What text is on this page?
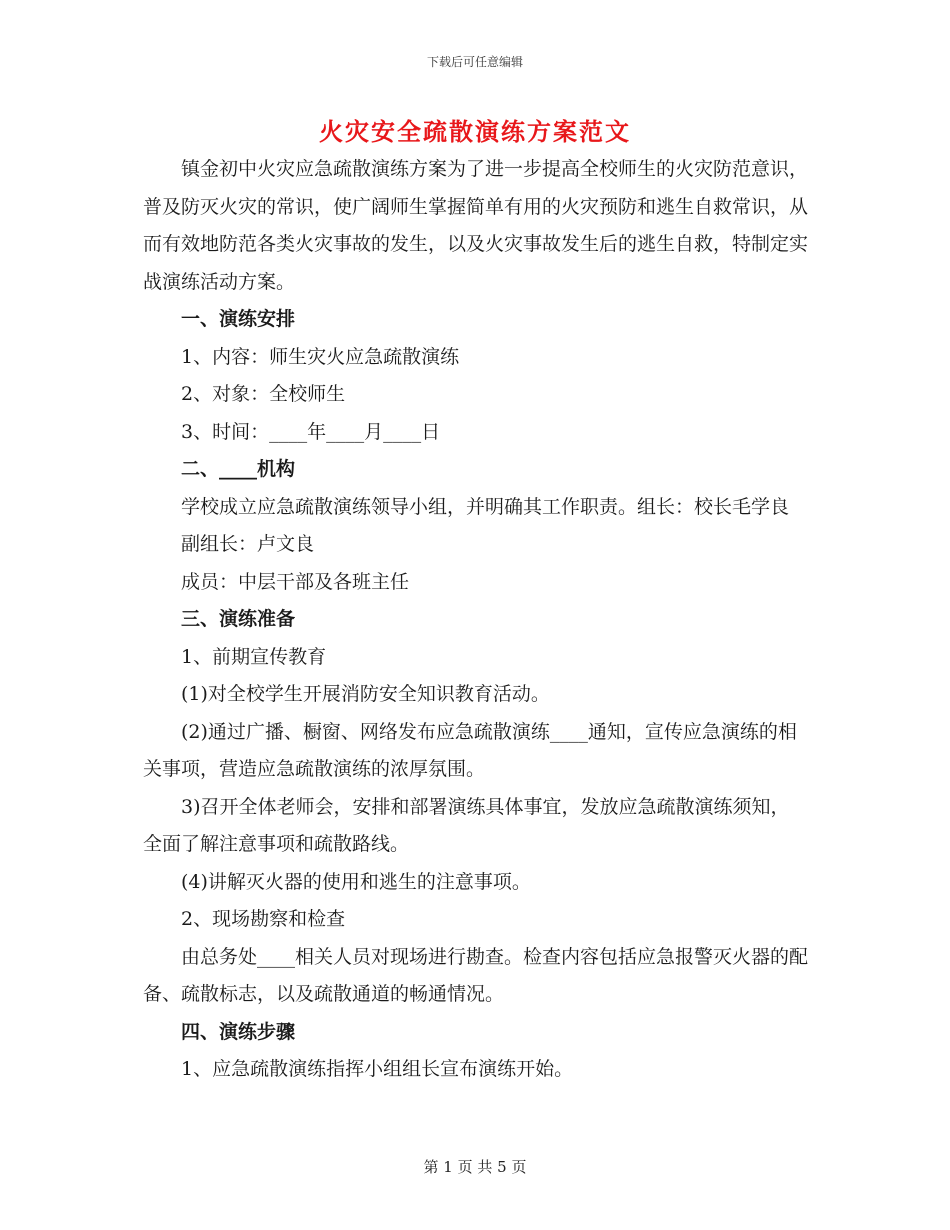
下载后可任意编辑
火灾安全疏散演练方案范文

镇金初中火灾应急疏散演练方案为了进一步提高全校师生的火灾防范意识，普及防灭火灾的常识，使广阔师生掌握简单有用的火灾预防和逃生自救常识，从而有效地防范各类火灾事故的发生，以及火灾事故发生后的逃生自救，特制定实战演练活动方案。

一、演练安排

1、内容：师生灾火应急疏散演练

2、对象：全校师生

3、时间：____年____月____日

二、____机构

学校成立应急疏散演练领导小组，并明确其工作职责。组长：校长毛学良

副组长：卢文良

成员：中层干部及各班主任

三、演练准备

1、前期宣传教育

(1)对全校学生开展消防安全知识教育活动。

(2)通过广播、橱窗、网络发布应急疏散演练____通知，宣传应急演练的相关事项，营造应急疏散演练的浓厚氛围。

3)召开全体老师会，安排和部署演练具体事宜，发放应急疏散演练须知，全面了解注意事项和疏散路线。

(4)讲解灭火器的使用和逃生的注意事项。

2、现场勘察和检查

由总务处____相关人员对现场进行勘查。检查内容包括应急报警灭火器的配备、疏散标志，以及疏散通道的畅通情况。

四、演练步骤

1、应急疏散演练指挥小组组长宣布演练开始。

第 1 页 共 5 页
